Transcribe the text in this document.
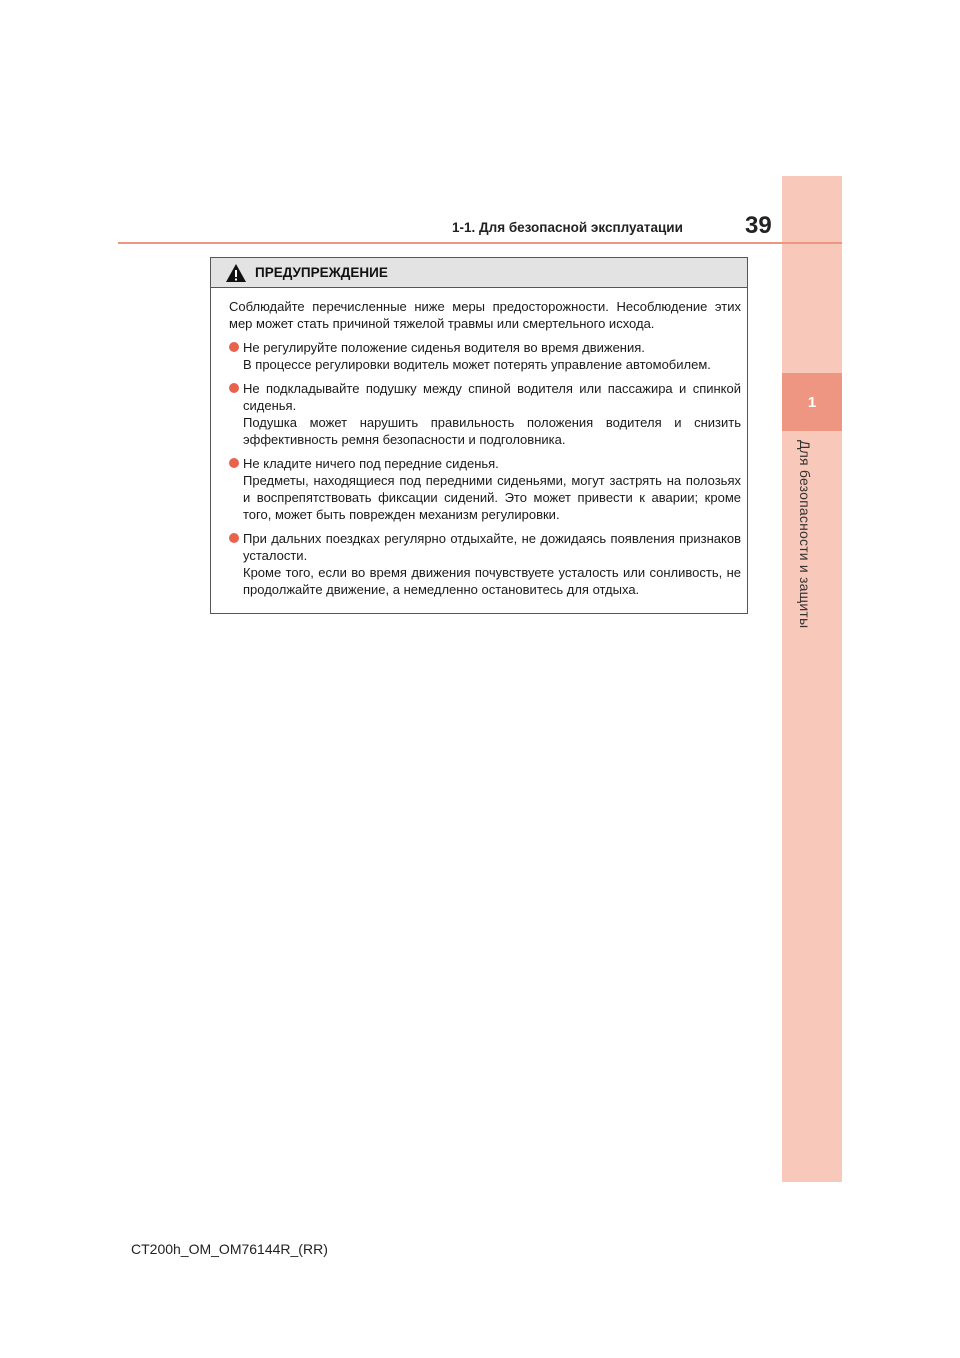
1
Для безопасности и защиты
1-1. Для безопасной эксплуатации	39
ПРЕДУПРЕЖДЕНИЕ
Соблюдайте перечисленные ниже меры предосторожности. Несоблюдение этих мер может стать причиной тяжелой травмы или смертельного исхода.

Не регулируйте положение сиденья водителя во время движения.

В процессе регулировки водитель может потерять управление автомобилем.

Не подкладывайте подушку между спиной водителя или пассажира и спинкой сиденья.

Подушка может нарушить правильность положения водителя и снизить эффективность ремня безопасности и подголовника.

Не кладите ничего под передние сиденья.

Предметы, находящиеся под передними сиденьями, могут застрять на полозьях и воспрепятствовать фиксации сидений. Это может привести к аварии; кроме того, может быть поврежден механизм регулировки.

При дальних поездках регулярно отдыхайте, не дожидаясь появления признаков усталости.

Кроме того, если во время движения почувствуете усталость или сонливость, не продолжайте движение, а немедленно остановитесь для отдыха.

CT200h_OM_OM76144R_(RR)
